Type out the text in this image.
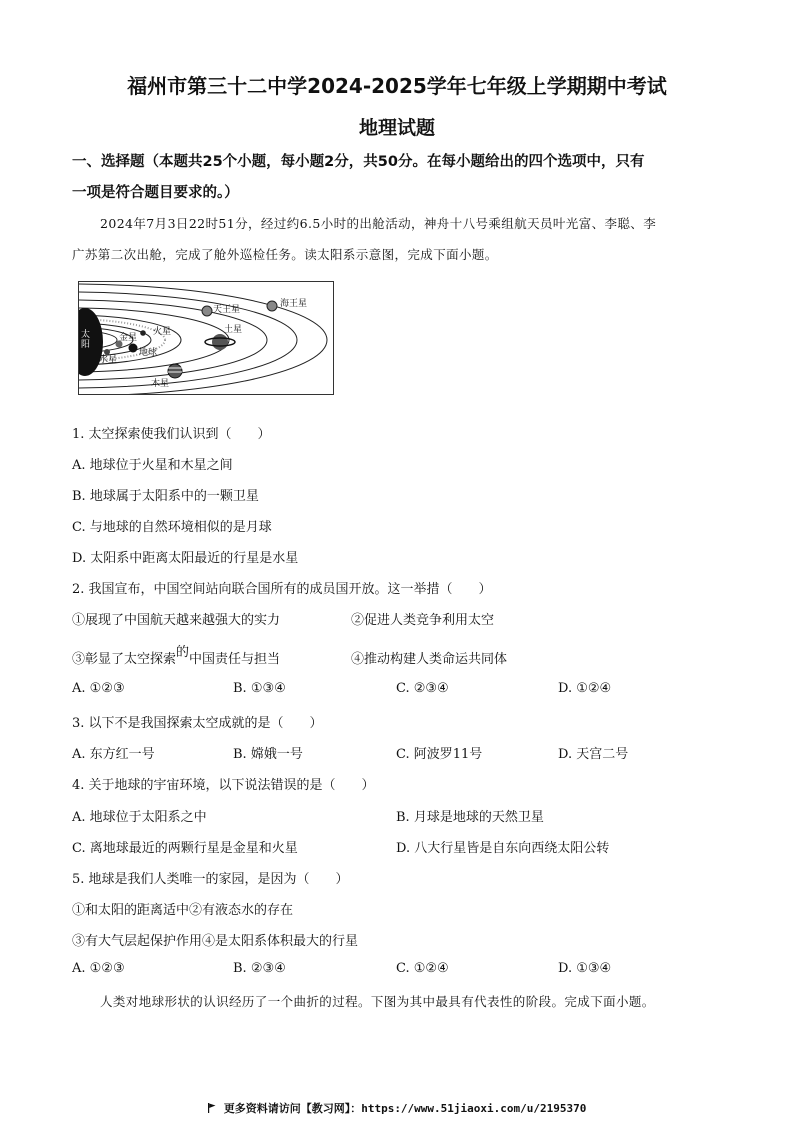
福州市第三十二中学2024-2025学年七年级上学期期中考试
地理试题
一、选择题（本题共25个小题，每小题2分，共50分。在每小题给出的四个选项中，只有
一项是符合题目要求的。）
2024年7月3日22时51分，经过约6.5小时的出舱活动，神舟十八号乘组航天员叶光富、李聪、李
广苏第二次出舱，完成了舱外巡检任务。读太阳系示意图，完成下面小题。
太阳
水星
金星
地球
火星
木星
土星
天王星
海王星
1. 太空探索使我们认识到（　　）
A. 地球位于火星和木星之间
B. 地球属于太阳系中的一颗卫星
C. 与地球的自然环境相似的是月球
D. 太阳系中距离太阳最近的行星是水星
2. 我国宣布，中国空间站向联合国所有的成员国开放。这一举措（　　）
①展现了中国航天越来越强大的实力	②促进人类竞争利用太空
③彰显了太空探索的中国责任与担当	④推动构建人类命运共同体
A. ①②③	B. ①③④	C. ②③④	D. ①②④
3. 以下不是我国探索太空成就的是（　　）
A. 东方红一号	B. 嫦娥一号	C. 阿波罗11号	D. 天宫二号
4. 关于地球的宇宙环境，以下说法错误的是（　　）
A. 地球位于太阳系之中	B. 月球是地球的天然卫星
C. 离地球最近的两颗行星是金星和火星	D. 八大行星皆是自东向西绕太阳公转
5. 地球是我们人类唯一的家园，是因为（　　）
①和太阳的距离适中②有液态水的存在
③有大气层起保护作用④是太阳系体积最大的行星
A. ①②③	B. ②③④	C. ①②④	D. ①③④
人类对地球形状的认识经历了一个曲折的过程。下图为其中最具有代表性的阶段。完成下面小题。
更多资料请访问【教习网】：https://www.51jiaoxi.com/u/2195370
